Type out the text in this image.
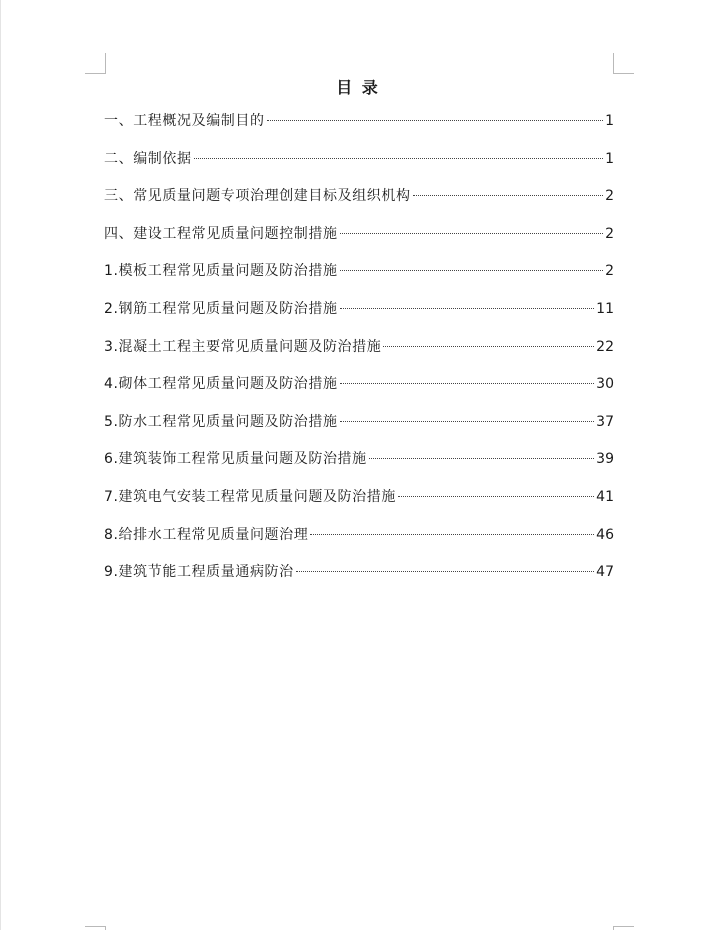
目 录
一、工程概况及编制目的	1
二、编制依据	1
三、常见质量问题专项治理创建目标及组织机构	2
四、建设工程常见质量问题控制措施	2
1.模板工程常见质量问题及防治措施	2
2.钢筋工程常见质量问题及防治措施	11
3.混凝土工程主要常见质量问题及防治措施	22
4.砌体工程常见质量问题及防治措施	30
5.防水工程常见质量问题及防治措施	37
6.建筑装饰工程常见质量问题及防治措施	39
7.建筑电气安装工程常见质量问题及防治措施	41
8.给排水工程常见质量问题治理	46
9.建筑节能工程质量通病防治	47
